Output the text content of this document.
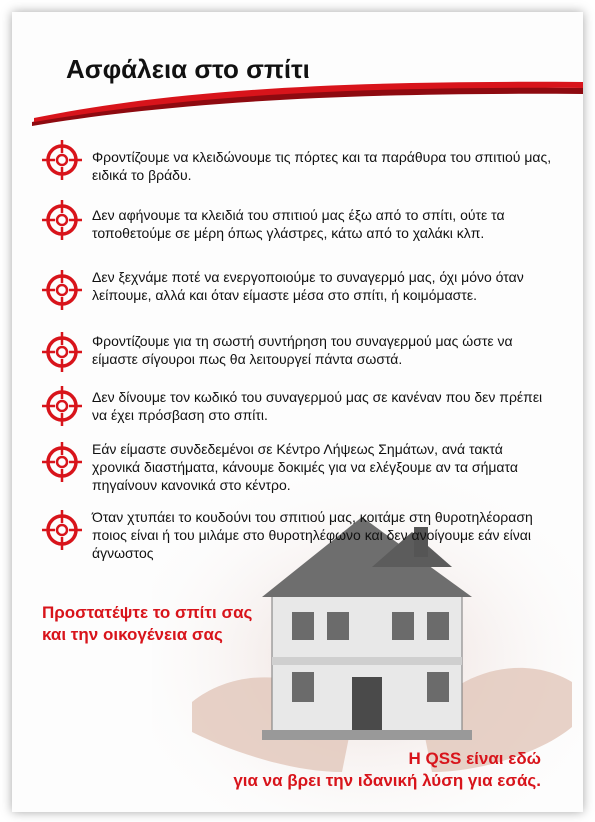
Ασφάλεια στο σπίτι
Φροντίζουμε να κλειδώνουμε τις πόρτες και τα παράθυρα του σπιτιού μας, ειδικά το βράδυ.
Δεν αφήνουμε τα κλειδιά του σπιτιού μας έξω από το σπίτι, ούτε τα τοποθετούμε σε μέρη όπως γλάστρες, κάτω από το χαλάκι κλπ.
Δεν ξεχνάμε ποτέ να ενεργοποιούμε το συναγερμό μας, όχι μόνο όταν λείπουμε, αλλά και όταν είμαστε μέσα στο σπίτι, ή κοιμόμαστε.
Φροντίζουμε για τη σωστή συντήρηση του συναγερμού μας ώστε να είμαστε σίγουροι πως θα λειτουργεί πάντα σωστά.
Δεν δίνουμε τον κωδικό του συναγερμού μας σε κανέναν που δεν πρέπει να έχει πρόσβαση στο σπίτι.
Εάν είμαστε συνδεδεμένοι σε Κέντρο Λήψεως Σημάτων, ανά τακτά χρονικά διαστήματα, κάνουμε δοκιμές για να ελέγξουμε αν τα σήματα πηγαίνουν κανονικά στο κέντρο.
Όταν χτυπάει το κουδούνι του σπιτιού μας, κοιτάμε στη θυροτηλέοραση ποιος είναι ή του μιλάμε στο θυροτηλέφωνο και δεν ανοίγουμε εάν είναι άγνωστος
Προστατέψτε το σπίτι σας
και την οικογένεια σας
Η QSS είναι εδώ
για να βρει την ιδανική λύση για εσάς.
